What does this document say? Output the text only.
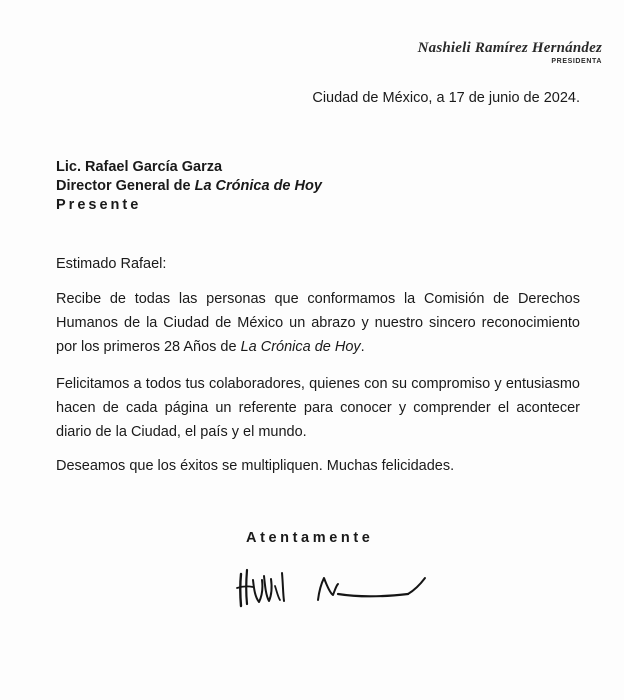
Nashieli Ramírez Hernández
PRESIDENTA
Ciudad de México, a 17 de junio de 2024.
Lic. Rafael García Garza
Director General de La Crónica de Hoy
Presente
Estimado Rafael:
Recibe de todas las personas que conformamos la Comisión de Derechos Humanos de la Ciudad de México un abrazo y nuestro sincero reconocimiento por los primeros 28 Años de La Crónica de Hoy.
Felicitamos a todos tus colaboradores, quienes con su compromiso y entusiasmo hacen de cada página un referente para conocer y comprender el acontecer diario de la Ciudad, el país y el mundo.
Deseamos que los éxitos se multipliquen. Muchas felicidades.
Atentamente
